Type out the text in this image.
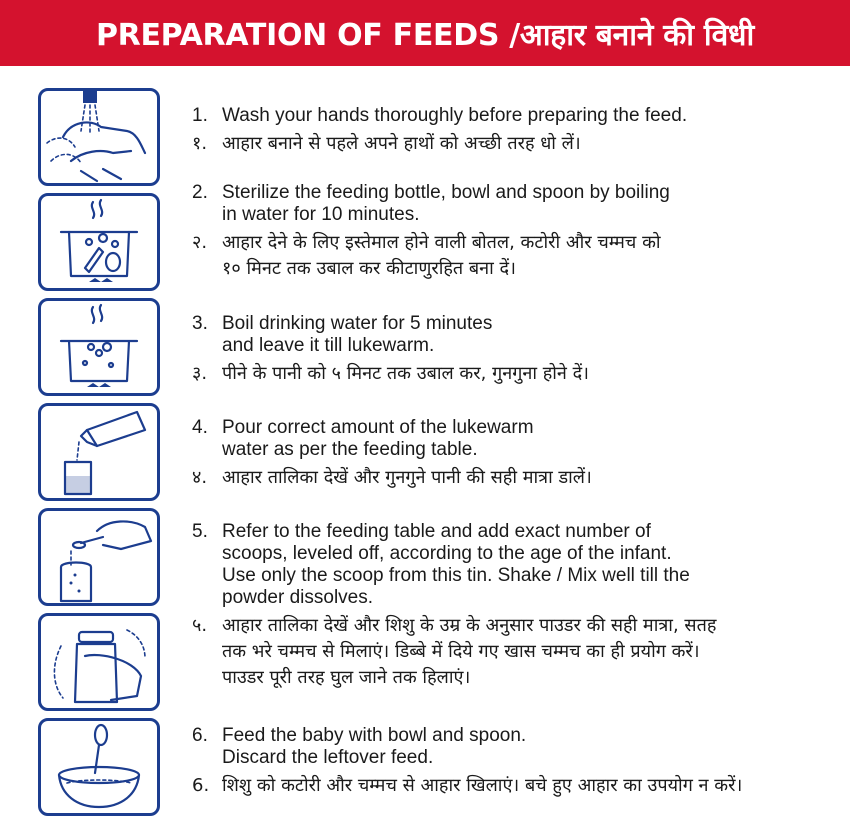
PREPARATION OF FEEDS /आहार बनाने की विधी
1. Wash your hands thoroughly before preparing the feed.
१. आहार बनाने से पहले अपने हाथों को अच्छी तरह धो लें।
2. Sterilize the feeding bottle, bowl and spoon by boiling
in water for 10 minutes.
२. आहार देने के लिए इस्तेमाल होने वाली बोतल, कटोरी और चम्मच को
१० मिनट तक उबाल कर कीटाणुरहित बना दें।
3. Boil drinking water for 5 minutes
and leave it till lukewarm.
३. पीने के पानी को ५ मिनट तक उबाल कर, गुनगुना होने दें।
4. Pour correct amount of the lukewarm
water as per the feeding table.
४. आहार तालिका देखें और गुनगुने पानी की सही मात्रा डालें।
5. Refer to the feeding table and add exact number of
scoops, leveled off, according to the age of the infant.
Use only the scoop from this tin. Shake / Mix well till the
powder dissolves.
५. आहार तालिका देखें और शिशु के उम्र के अनुसार पाउडर की सही मात्रा, सतह
तक भरे चम्मच से मिलाएं। डिब्बे में दिये गए खास चम्मच का ही प्रयोग करें।
पाउडर पूरी तरह घुल जाने तक हिलाएं।
6. Feed the baby with bowl and spoon.
Discard the leftover feed.
6. शिशु को कटोरी और चम्मच से आहार खिलाएं। बचे हुए आहार का उपयोग न करें।
